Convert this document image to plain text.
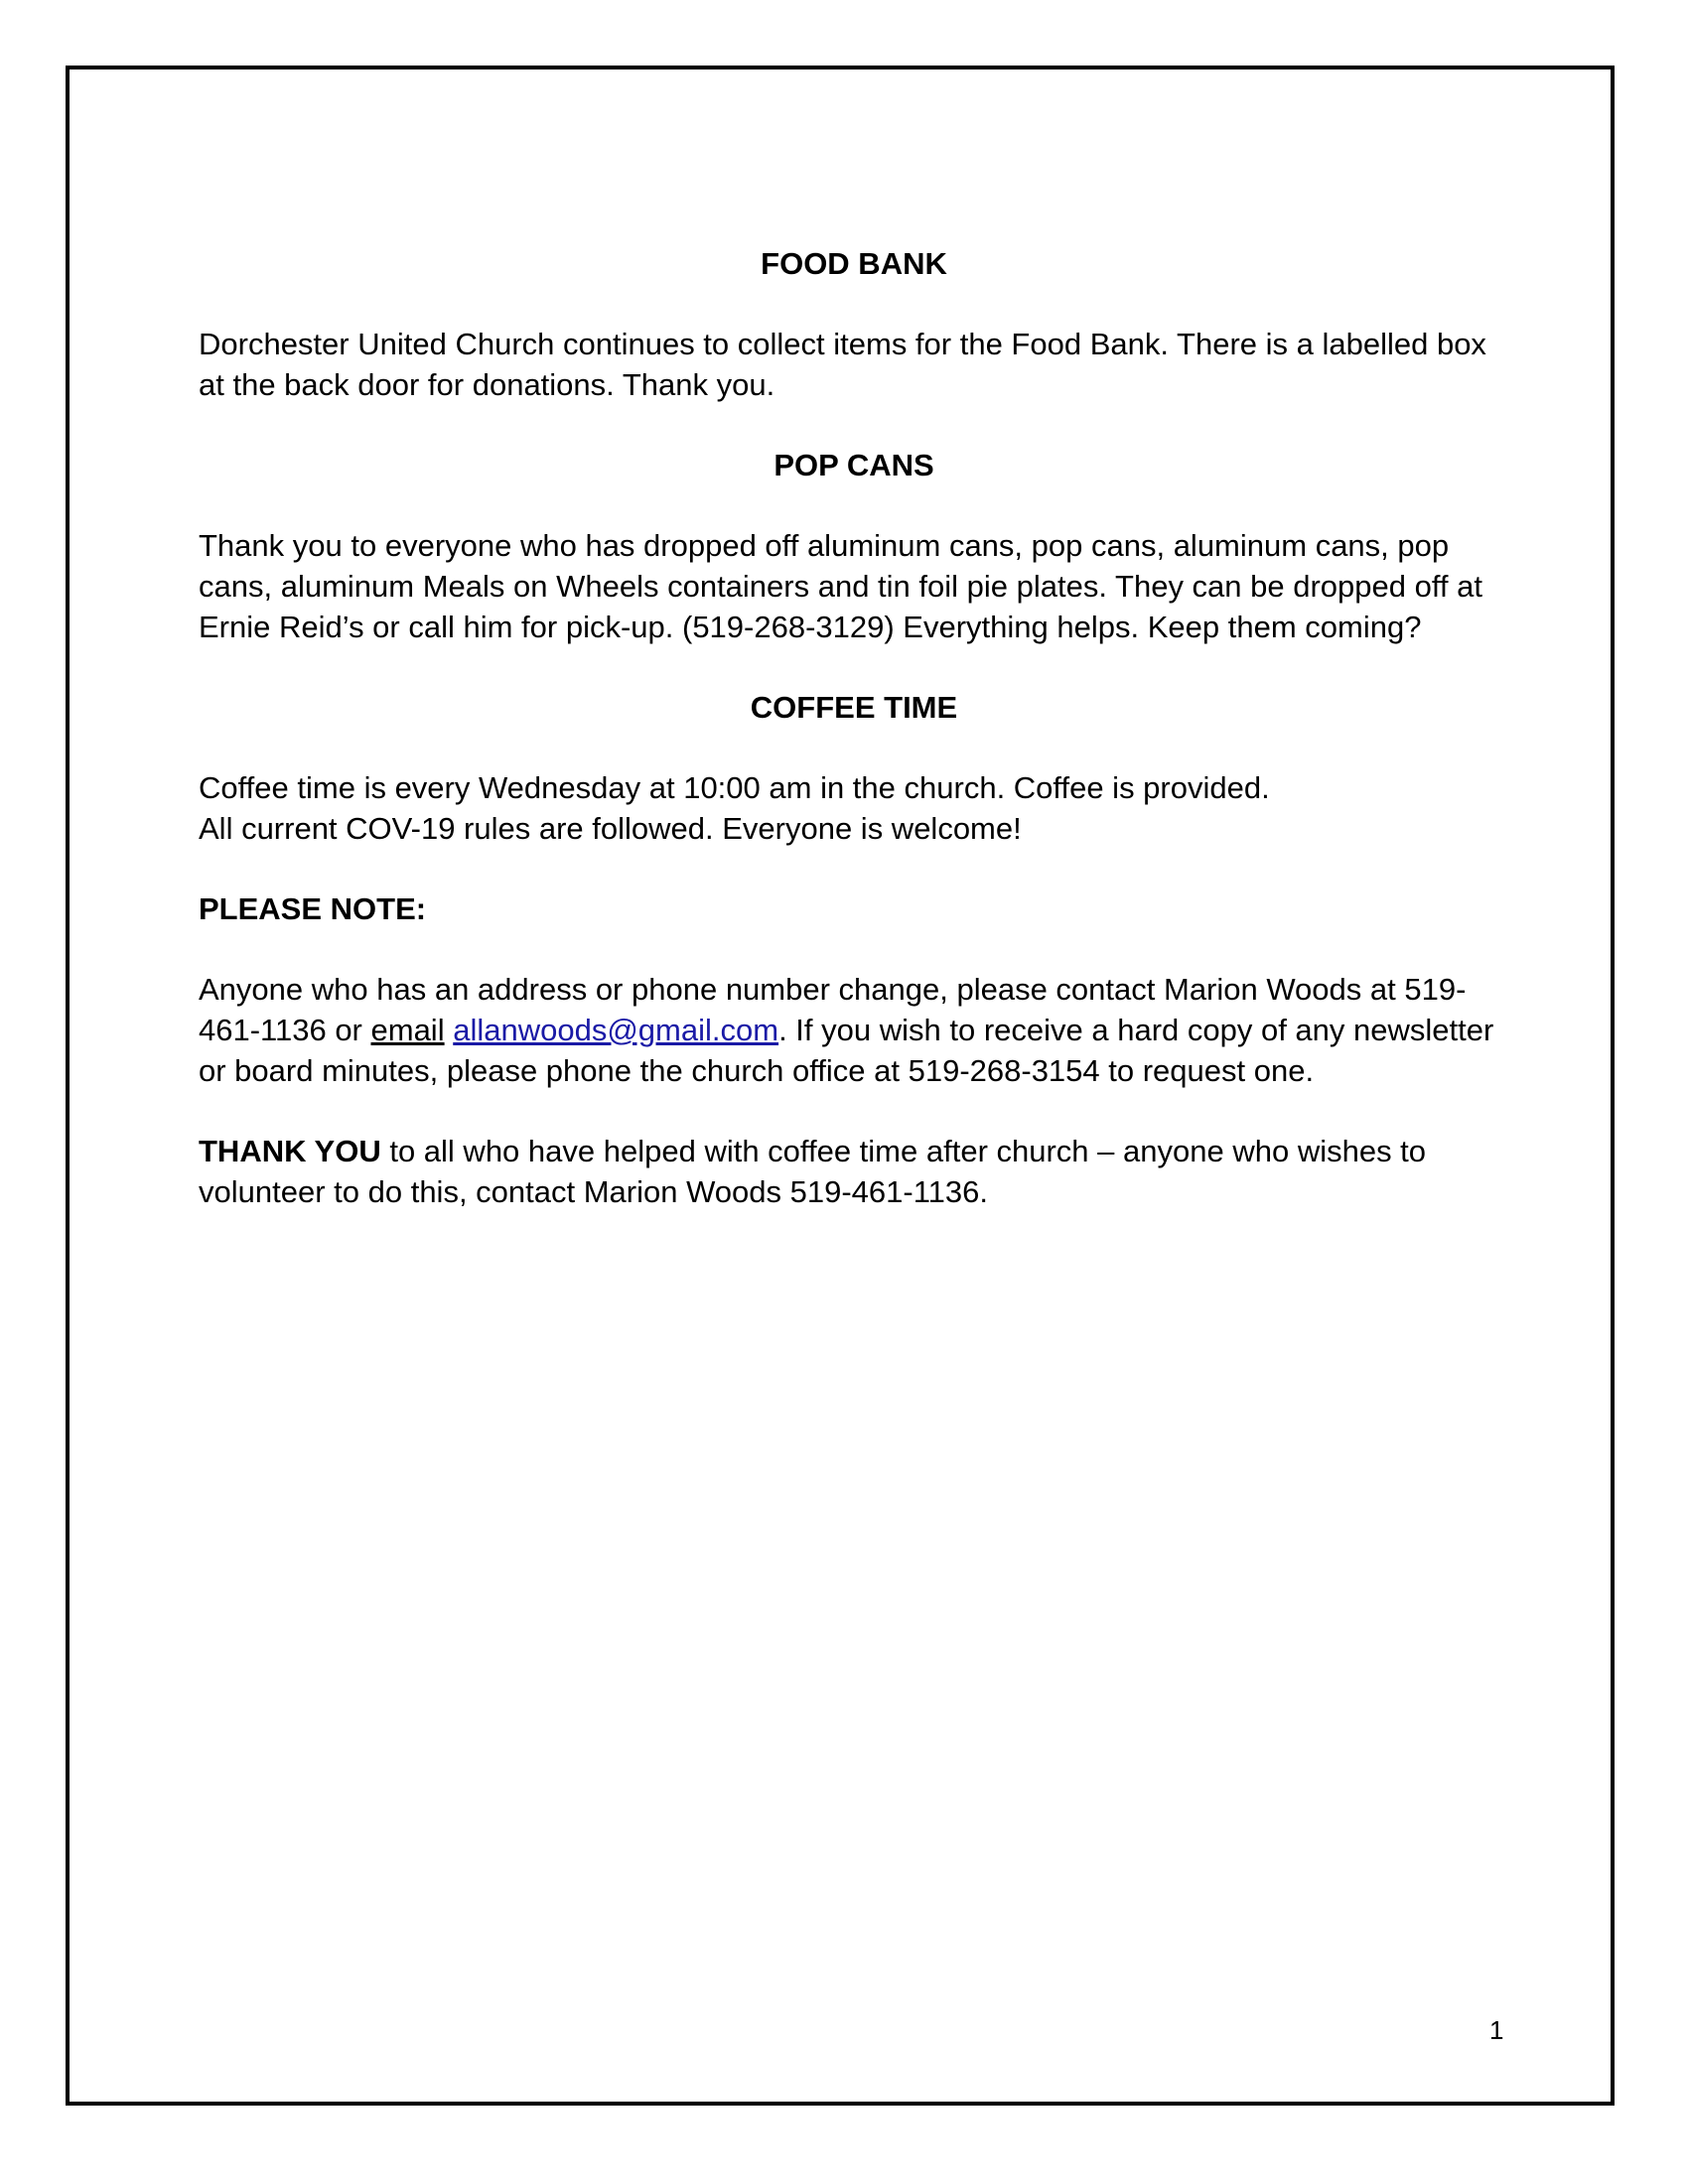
FOOD BANK
Dorchester United Church continues to collect items for the Food Bank. There is a labelled box at the back door for donations. Thank you.
POP CANS
Thank you to everyone who has dropped off aluminum cans, pop cans, aluminum cans, pop cans, aluminum Meals on Wheels containers and tin foil pie plates. They can be dropped off at Ernie Reid’s or call him for pick-up. (519-268-3129) Everything helps. Keep them coming?
COFFEE TIME
Coffee time is every Wednesday at 10:00 am in the church. Coffee is provided.
All current COV-19 rules are followed. Everyone is welcome!
PLEASE NOTE:
Anyone who has an address or phone number change, please contact Marion Woods at 519-461-1136 or email allanwoods@gmail.com. If you wish to receive a hard copy of any newsletter or board minutes, please phone the church office at 519-268-3154 to request one.
THANK YOU to all who have helped with coffee time after church – anyone who wishes to volunteer to do this, contact Marion Woods 519-461-1136.
1
